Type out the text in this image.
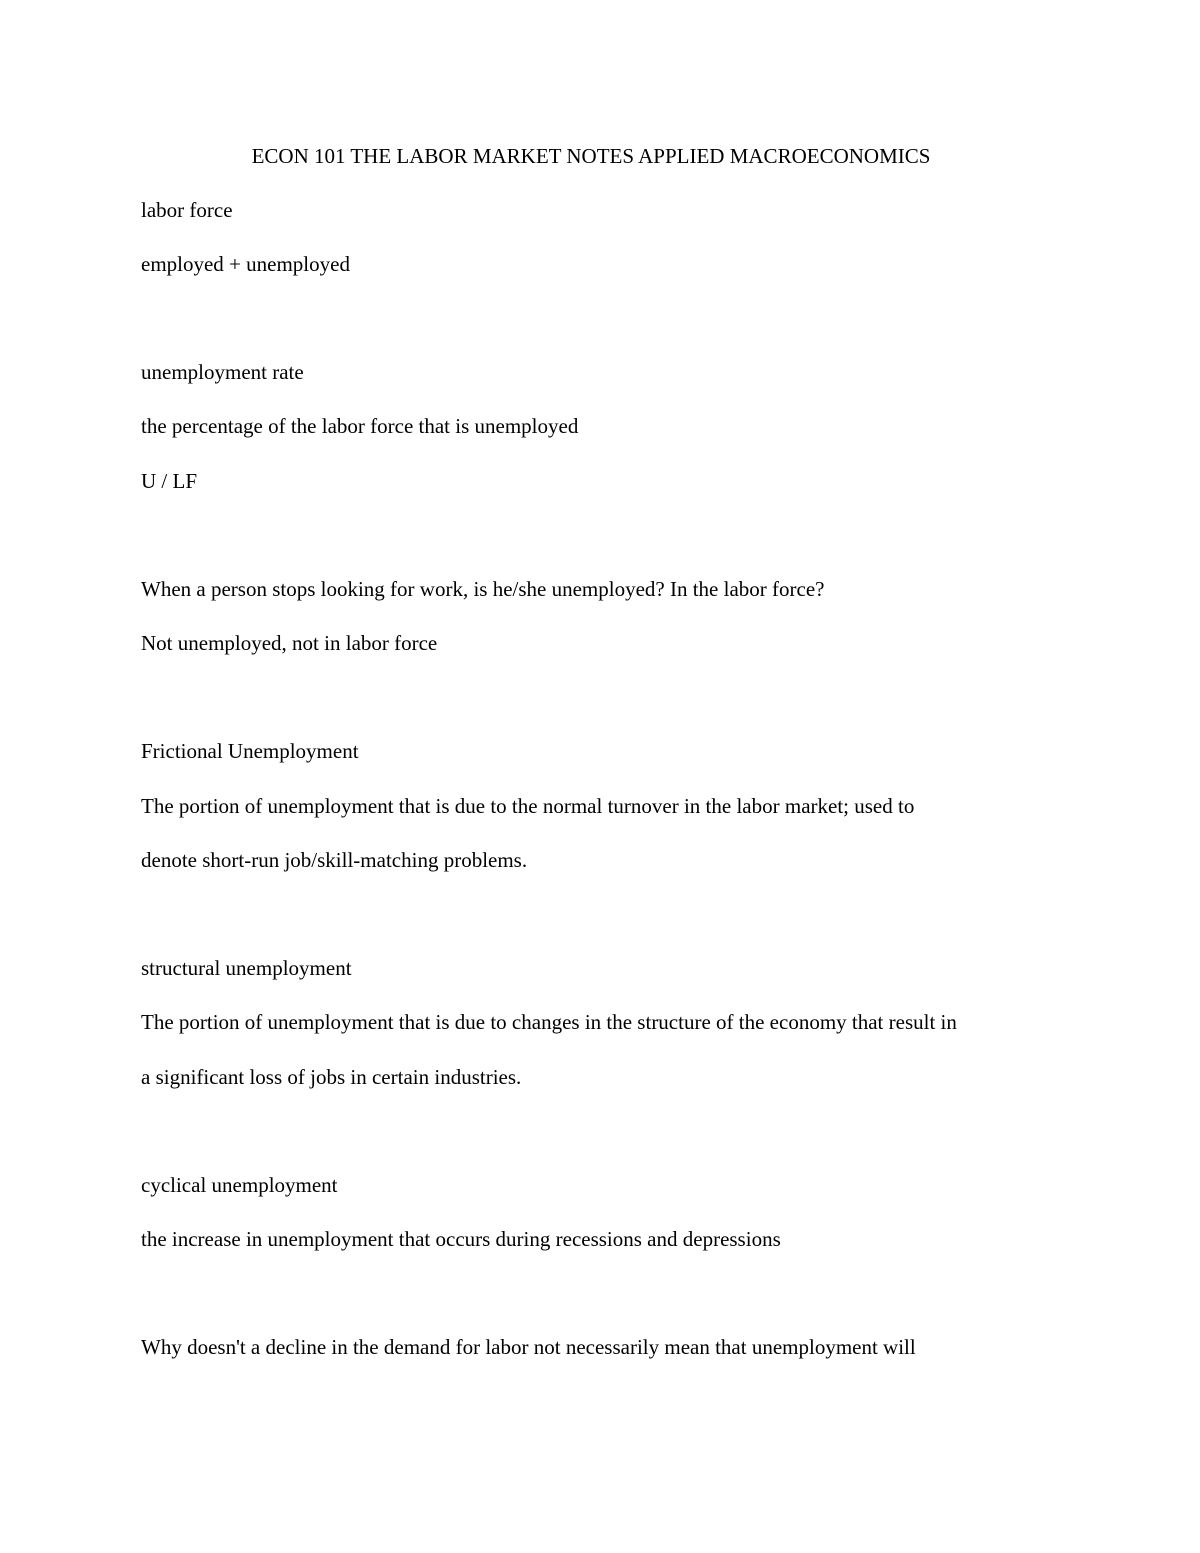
ECON 101 THE LABOR MARKET NOTES APPLIED MACROECONOMICS
labor force
employed + unemployed
unemployment rate
the percentage of the labor force that is unemployed
U / LF
When a person stops looking for work, is he/she unemployed? In the labor force?
Not unemployed, not in labor force
Frictional Unemployment
The portion of unemployment that is due to the normal turnover in the labor market; used to
denote short-run job/skill-matching problems.
structural unemployment
The portion of unemployment that is due to changes in the structure of the economy that result in
a significant loss of jobs in certain industries.
cyclical unemployment
the increase in unemployment that occurs during recessions and depressions
Why doesn't a decline in the demand for labor not necessarily mean that unemployment will
